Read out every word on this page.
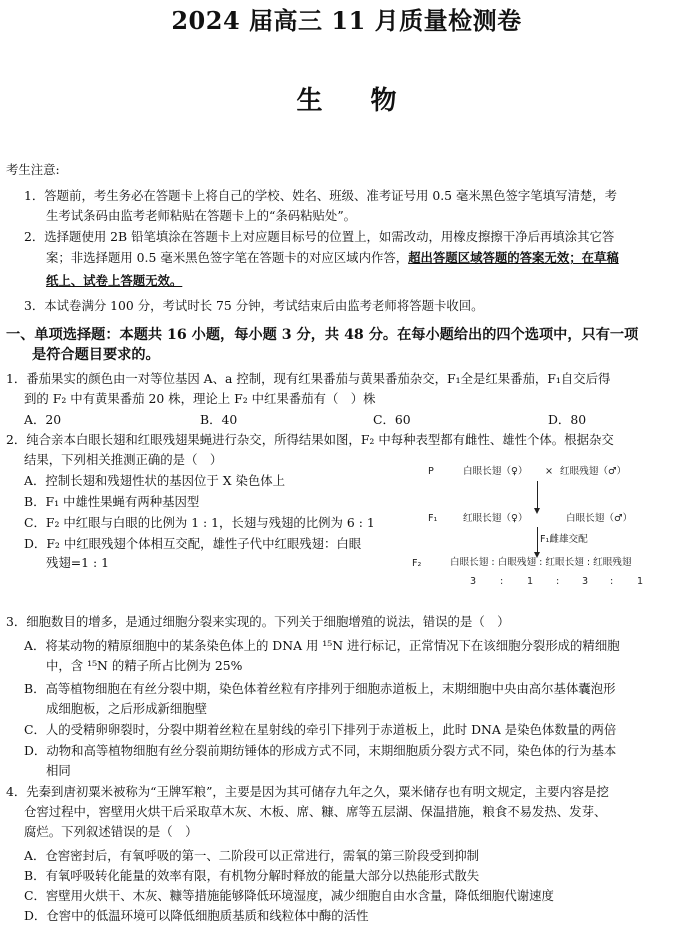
2024 届高三 11 月质量检测卷
生物
考生注意:
1．答题前，考生务必在答题卡上将自己的学校、姓名、班级、准考证号用 0.5 毫米黑色签字笔填写清楚，考
生考试条码由监考老师粘贴在答题卡上的“条码粘贴处”。
2．选择题使用 2B 铅笔填涂在答题卡上对应题目标号的位置上，如需改动，用橡皮擦擦干净后再填涂其它答
案；非选择题用 0.5 毫米黑色签字笔在答题卡的对应区域内作答，超出答题区域答题的答案无效；在草稿
纸上、试卷上答题无效。
3．本试卷满分 100 分，考试时长 75 分钟，考试结束后由监考老师将答题卡收回。
一、单项选择题：本题共 16 小题，每小题 3 分，共 48 分。在每小题给出的四个选项中，只有一项
是符合题目要求的。
1．番茄果实的颜色由一对等位基因 A、a 控制，现有红果番茄与黄果番茄杂交，F₁全是红果番茄，F₁自交后得
到的 F₂ 中有黄果番茄 20 株，理论上 F₂ 中红果番茄有（　）株
A．20	B．40	C．60	D．80
2．纯合亲本白眼长翅和红眼残翅果蝇进行杂交，所得结果如图，F₂ 中每种表型都有雌性、雄性个体。根据杂交
结果，下列相关推测正确的是（　）
A．控制长翅和残翅性状的基因位于 X 染色体上
B．F₁ 中雄性果蝇有两种基因型
C．F₂ 中红眼与白眼的比例为 1 : 1，长翅与残翅的比例为 6 : 1
D．F₂ 中红眼残翅个体相互交配，雄性子代中红眼残翅：白眼
残翅=1 : 1
P	白眼长翅（♀） × 红眼残翅（♂）
F₁	红眼长翅（♀）	白眼长翅（♂）
F₁雌雄交配
F₂	白眼长翅 : 白眼残翅 : 红眼长翅 : 红眼残翅
3 : 1 : 3 : 1
3．细胞数目的增多，是通过细胞分裂来实现的。下列关于细胞增殖的说法，错误的是（　）
A．将某动物的精原细胞中的某条染色体上的 DNA 用 ¹⁵N 进行标记，正常情况下在该细胞分裂形成的精细胞
中，含 ¹⁵N 的精子所占比例为 25%
B．高等植物细胞在有丝分裂中期，染色体着丝粒有序排列于细胞赤道板上，末期细胞中央由高尔基体囊泡形
成细胞板，之后形成新细胞壁
C．人的受精卵卵裂时，分裂中期着丝粒在星射线的牵引下排列于赤道板上，此时 DNA 是染色体数量的两倍
D．动物和高等植物细胞有丝分裂前期纺锤体的形成方式不同，末期细胞质分裂方式不同，染色体的行为基本
相同
4．先秦到唐初粟米被称为“王牌军粮”，主要是因为其可储存九年之久，粟米储存也有明文规定，主要内容是挖
仓窖过程中，窖壁用火烘干后采取草木灰、木板、席、糠、席等五层湖、保温措施，粮食不易发热、发芽、
腐烂。下列叙述错误的是（　）
A．仓窖密封后，有氧呼吸的第一、二阶段可以正常进行，需氧的第三阶段受到抑制
B．有氧呼吸转化能量的效率有限，有机物分解时释放的能量大部分以热能形式散失
C．窖壁用火烘干、木灰、糠等措施能够降低环境湿度，减少细胞自由水含量，降低细胞代谢速度
D．仓窖中的低温环境可以降低细胞质基质和线粒体中酶的活性
